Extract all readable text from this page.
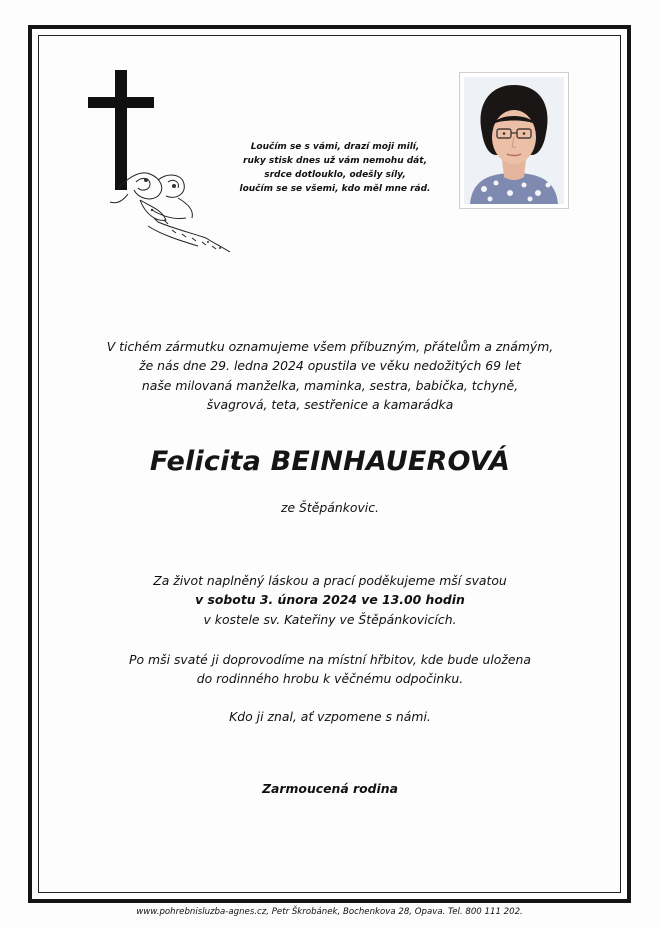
Loučím se s vámi, drazí moji milí,
ruky stisk dnes už vám nemohu dát,
srdce dotlouklo, odešly síly,
loučím se se všemi, kdo měl mne rád.
V tichém zármutku oznamujeme všem příbuzným, přátelům a známým,
že nás dne 29. ledna 2024 opustila ve věku nedožitých 69 let
naše milovaná manželka, maminka, sestra, babička, tchyně,
švagrová, teta, sestřenice a kamarádka
Felicita BEINHAUEROVÁ
ze Štěpánkovic.
Za život naplněný láskou a prací poděkujeme mší svatou
v sobotu 3. února 2024 ve 13.00 hodin
v kostele sv. Kateřiny ve Štěpánkovicích.
Po mši svaté ji doprovodíme na místní hřbitov, kde bude uložena
do rodinného hrobu k věčnému odpočinku.
Kdo ji znal, ať vzpomene s námi.
Zarmoucená rodina
www.pohrebnisluzba-agnes.cz, Petr Škrobánek, Bochenkova 28, Opava. Tel. 800 111 202.
